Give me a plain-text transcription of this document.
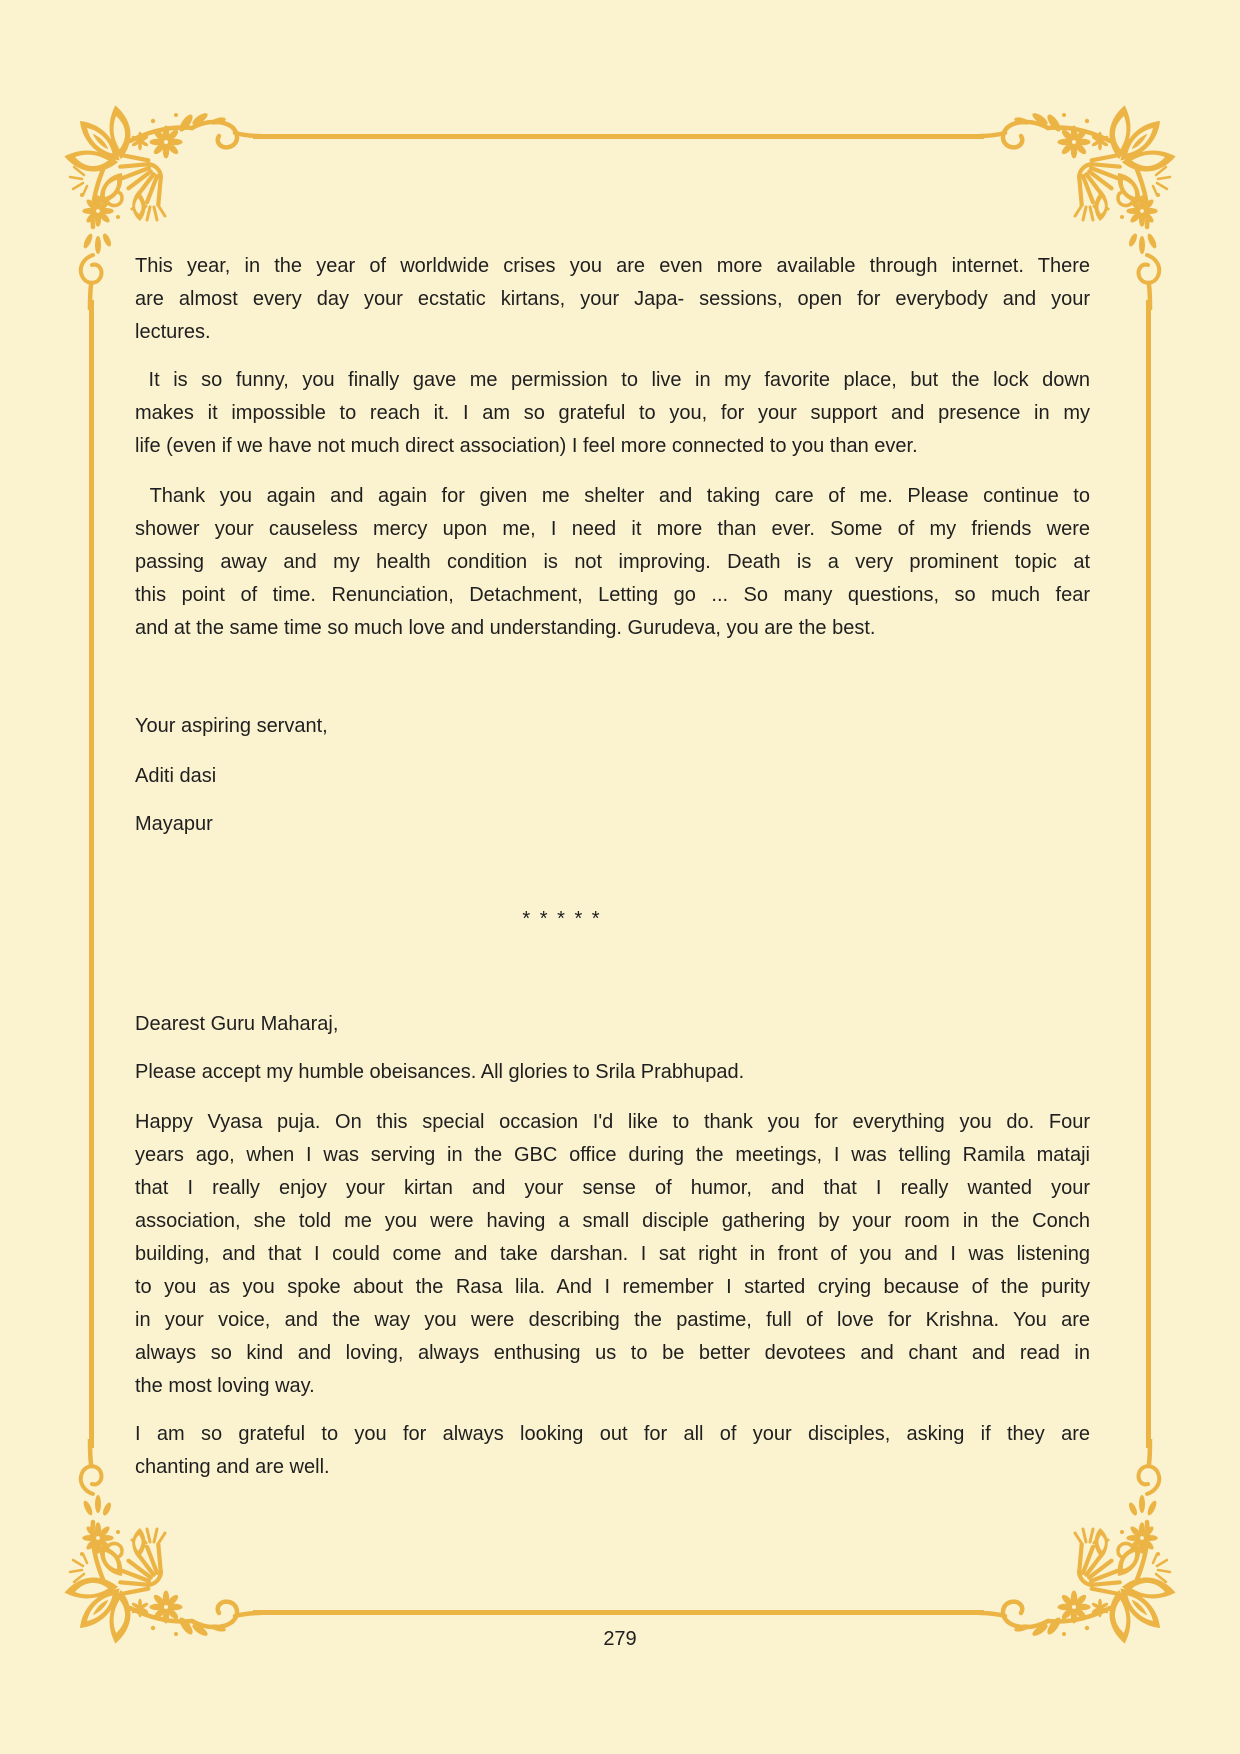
This year, in the year of worldwide crises you are even more available through internet. There
are almost every day your ecstatic kirtans, your Japa- sessions, open for everybody and your
lectures.
It is so funny, you finally gave me permission to live in my favorite place, but the lock down
makes it impossible to reach it. I am so grateful to you, for your support and presence in my
life (even if we have not much direct association) I feel more connected to you than ever.
Thank you again and again for given me shelter and taking care of me. Please continue to
shower your causeless mercy upon me, I need it more than ever. Some of my friends were
passing away and my health condition is not improving. Death is a very prominent topic at
this point of time. Renunciation, Detachment, Letting go ... So many questions, so much fear
and at the same time so much love and understanding. Gurudeva, you are the best.
Your aspiring servant,
Aditi dasi
Mayapur
* * * * *
Dearest Guru Maharaj,
Please accept my humble obeisances. All glories to Srila Prabhupad.
Happy Vyasa puja. On this special occasion I'd like to thank you for everything you do. Four
years ago, when I was serving in the GBC office during the meetings, I was telling Ramila mataji
that I really enjoy your kirtan and your sense of humor, and that I really wanted your
association, she told me you were having a small disciple gathering by your room in the Conch
building, and that I could come and take darshan. I sat right in front of you and I was listening
to you as you spoke about the Rasa lila. And I remember I started crying because of the purity
in your voice, and the way you were describing the pastime, full of love for Krishna. You are
always so kind and loving, always enthusing us to be better devotees and chant and read in
the most loving way.
I am so grateful to you for always looking out for all of your disciples, asking if they are
chanting and are well.
279
